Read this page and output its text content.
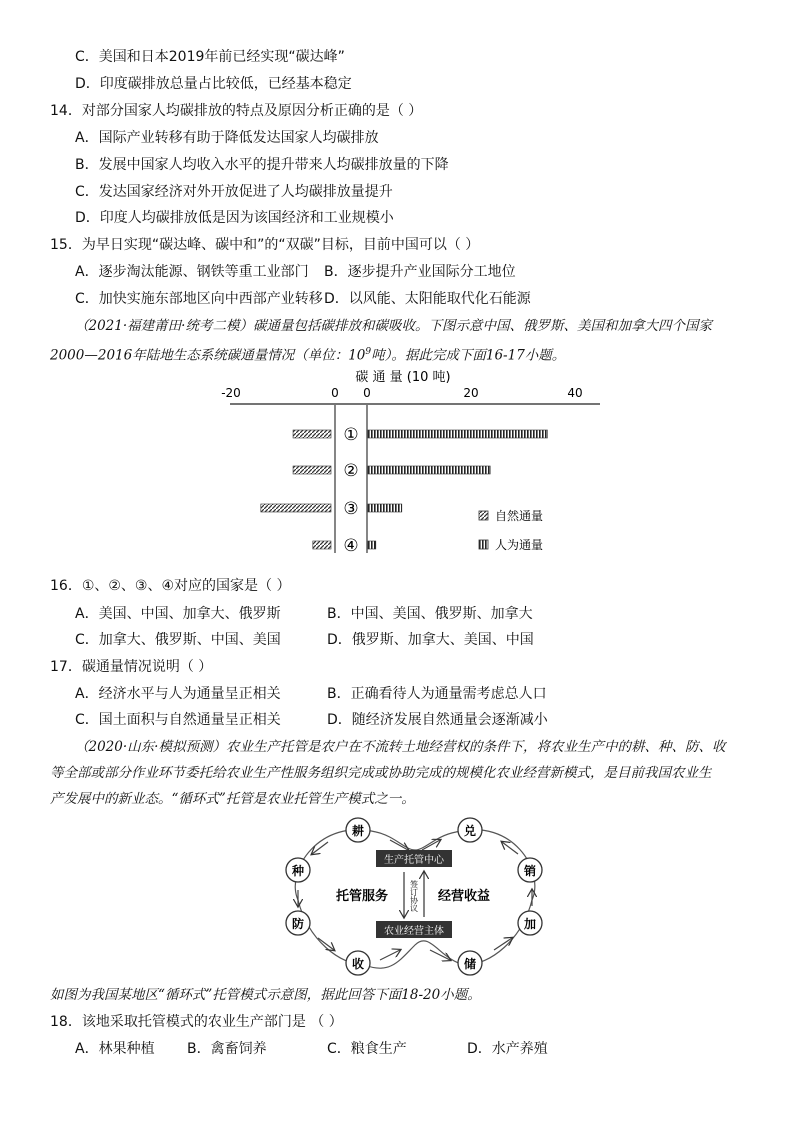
C．美国和日本2019年前已经实现“碳达峰”
D．印度碳排放总量占比较低，已经基本稳定
14．对部分国家人均碳排放的特点及原因分析正确的是（ ）
A．国际产业转移有助于降低发达国家人均碳排放
B．发展中国家人均收入水平的提升带来人均碳排放量的下降
C．发达国家经济对外开放促进了人均碳排放量提升
D．印度人均碳排放低是因为该国经济和工业规模小
15．为早日实现“碳达峰、碳中和”的“双碳”目标，目前中国可以（ ）
A．逐步淘汰能源、钢铁等重工业部门 B．逐步提升产业国际分工地位
C．加快实施东部地区向中西部产业转移 D．以风能、太阳能取代化石能源
（2021·福建莆田·统考二模）碳通量包括碳排放和碳吸收。下图示意中国、俄罗斯、美国和加拿大四个国家
2000—2016年陆地生态系统碳通量情况（单位：$10^9$吨）。据此完成下面16-17小题。
碳 通 量 (10 吨)
-20	0 0	20	40
①
②
③
④
自然通量
人为通量
16．①、②、③、④对应的国家是（ ）
A．美国、中国、加拿大、俄罗斯	B．中国、美国、俄罗斯、加拿大
C．加拿大、俄罗斯、中国、美国	D．俄罗斯、加拿大、美国、中国
17．碳通量情况说明（ ）
A．经济水平与人为通量呈正相关	B．正确看待人为通量需考虑总人口
C．国土面积与自然通量呈正相关	D．随经济发展自然通量会逐渐减小
（2020·山东·模拟预测）农业生产托管是农户在不流转土地经营权的条件下，将农业生产中的耕、种、防、收
等全部或部分作业环节委托给农业生产性服务组织完成或协助完成的规模化农业经营新模式，是目前我国农业生
产发展中的新业态。“循环式”托管是农业托管生产模式之一。
生产托管中心
农业经营主体
签订协议
托管服务	经营收益
耕
种
防
收
兑
销
加
储
如图为我国某地区“循环式”托管模式示意图，据此回答下面18-20小题。
18．该地采取托管模式的农业生产部门是 （ ）
A．林果种植 B．禽畜饲养	C．粮食生产	D．水产养殖
